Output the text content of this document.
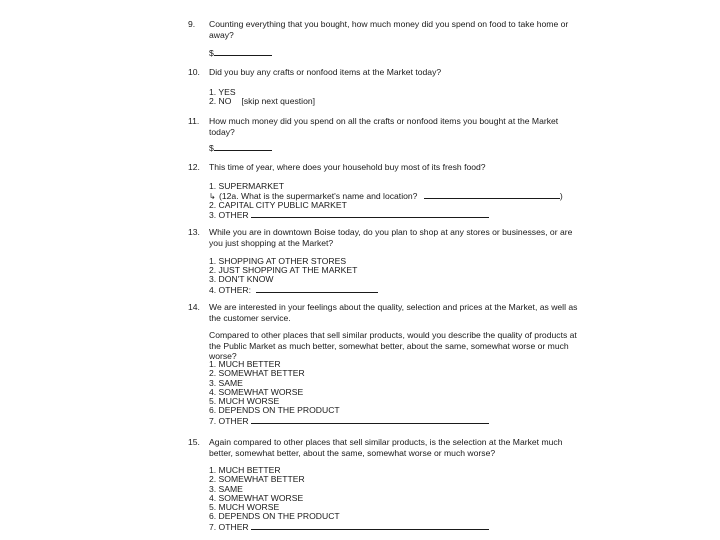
9. Counting everything that you bought, how much money did you spend on food to take home or away?
$
10. Did you buy any crafts or nonfood items at the Market today?
1. YES
2. NO [skip next question]
11. How much money did you spend on all the crafts or nonfood items you bought at the Market today?
$
12. This time of year, where does your household buy most of its fresh food?
1. SUPERMARKET
↳ (12a. What is the supermarket's name and location?	)
2. CAPITAL CITY PUBLIC MARKET
3. OTHER
13. While you are in downtown Boise today, do you plan to shop at any stores or businesses, or are you just shopping at the Market?
1. SHOPPING AT OTHER STORES
2. JUST SHOPPING AT THE MARKET
3. DON'T KNOW
4. OTHER:
14. We are interested in your feelings about the quality, selection and prices at the Market, as well as the customer service.
Compared to other places that sell similar products, would you describe the quality of products at the Public Market as much better, somewhat better, about the same, somewhat worse or much worse?
1. MUCH BETTER
2. SOMEWHAT BETTER
3. SAME
4. SOMEWHAT WORSE
5. MUCH WORSE
6. DEPENDS ON THE PRODUCT
7. OTHER
15. Again compared to other places that sell similar products, is the selection at the Market much better, somewhat better, about the same, somewhat worse or much worse?
1. MUCH BETTER
2. SOMEWHAT BETTER
3. SAME
4. SOMEWHAT WORSE
5. MUCH WORSE
6. DEPENDS ON THE PRODUCT
7. OTHER
